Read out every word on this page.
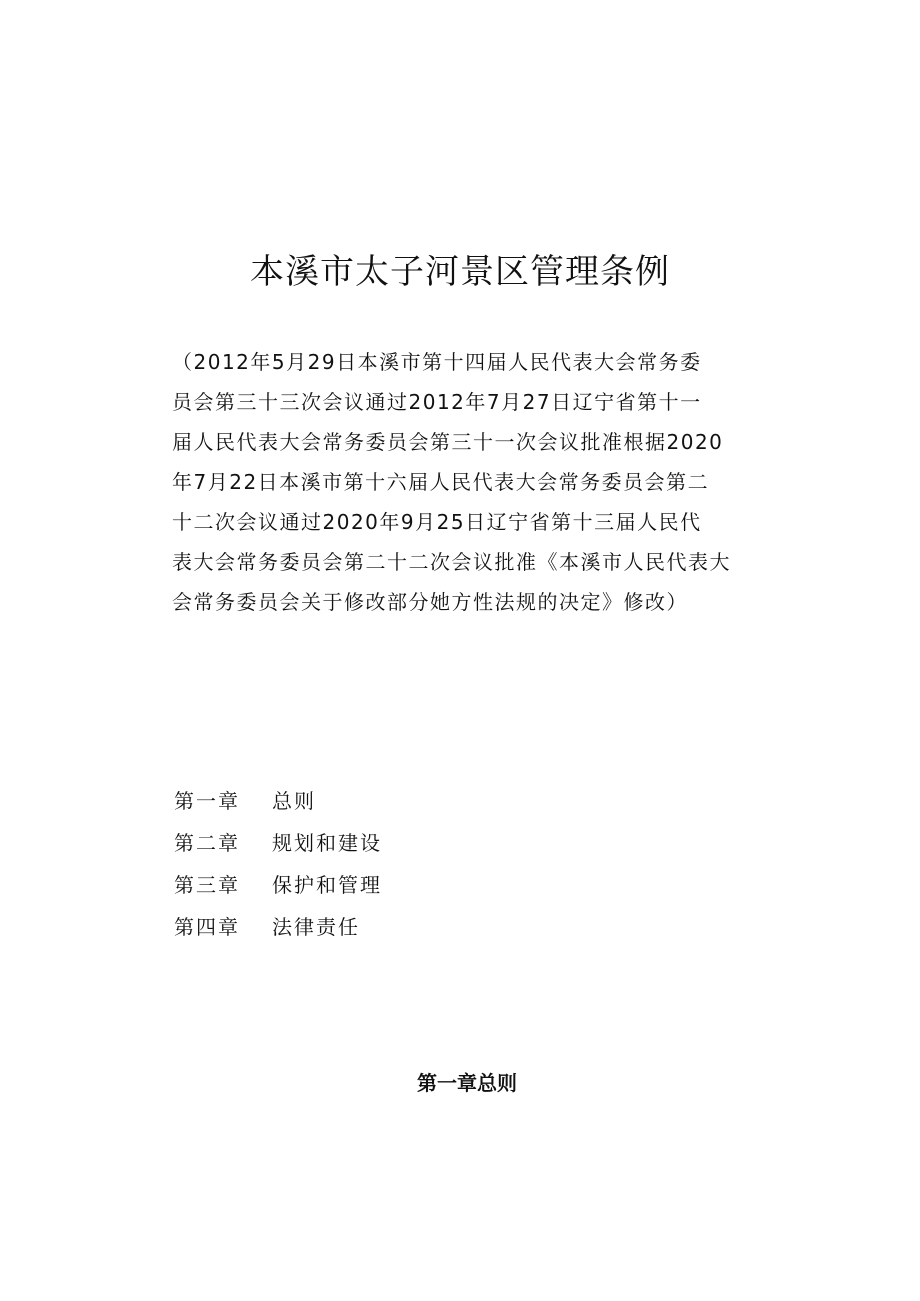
本溪市太子河景区管理条例
（2012年5月29日本溪市第十四届人民代表大会常务委
员会第三十三次会议通过2012年7月27日辽宁省第十一
届人民代表大会常务委员会第三十一次会议批准根据2020
年7月22日本溪市第十六届人民代表大会常务委员会第二
十二次会议通过2020年9月25日辽宁省第十三届人民代
表大会常务委员会第二十二次会议批准《本溪市人民代表大
会常务委员会关于修改部分她方性法规的决定》修改）
第一章	总则
第二章	规划和建设
第三章	保护和管理
第四章	法律责任
第一章总则
